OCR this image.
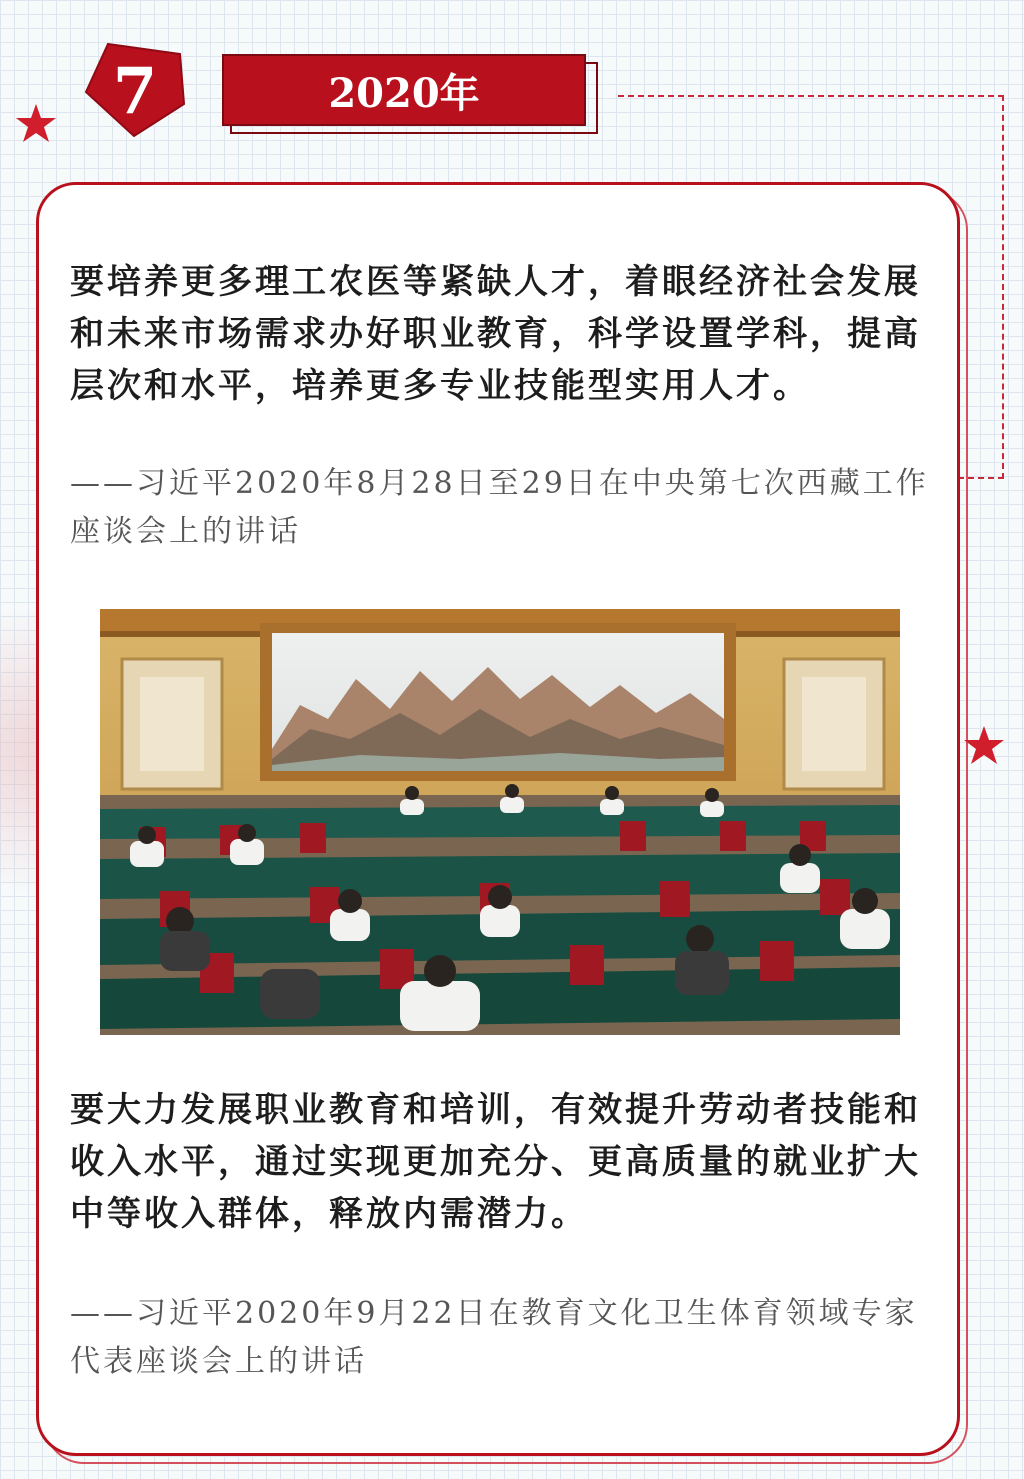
7	2020年

要培养更多理工农医等紧缺人才，着眼经济社会发展和未来市场需求办好职业教育，科学设置学科，提高层次和水平，培养更多专业技能型实用人才。

——习近平2020年8月28日至29日在中央第七次西藏工作座谈会上的讲话

要大力发展职业教育和培训，有效提升劳动者技能和收入水平，通过实现更加充分、更高质量的就业扩大中等收入群体，释放内需潜力。

——习近平2020年9月22日在教育文化卫生体育领域专家代表座谈会上的讲话
